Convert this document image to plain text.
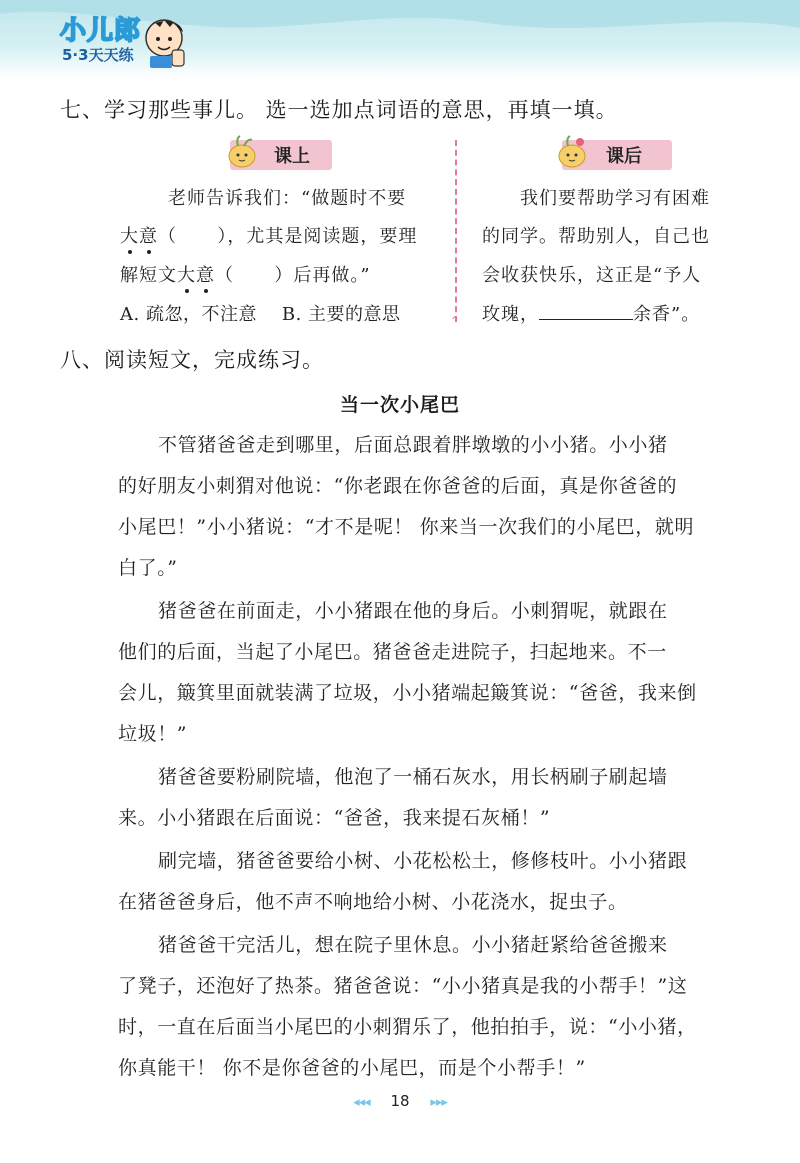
小儿郎
5·3天天练
七、学习那些事儿。 选一选加点词语的意思，再填一填。
课上	课后
⌃
老师告诉我们：“做题时不要
大意（      ），尤其是阅读题，要理
解短文大意（      ）后再做。”
A. 疏忽，不注意 B. 主要的意思
我们要帮助学习有困难
的同学。帮助别人，自己也
会收获快乐，这正是“予人
玫瑰，	余香”。
八、阅读短文，完成练习。
当一次小尾巴
不管猪爸爸走到哪里，后面总跟着胖墩墩的小小猪。小小猪
的好朋友小刺猬对他说：“你老跟在你爸爸的后面，真是你爸爸的
小尾巴！”小小猪说：“才不是呢！ 你来当一次我们的小尾巴，就明
白了。”
猪爸爸在前面走，小小猪跟在他的身后。小刺猬呢，就跟在
他们的后面，当起了小尾巴。猪爸爸走进院子，扫起地来。不一
会儿，簸箕里面就装满了垃圾，小小猪端起簸箕说：“爸爸，我来倒
垃圾！”
猪爸爸要粉刷院墙，他泡了一桶石灰水，用长柄刷子刷起墙
来。小小猪跟在后面说：“爸爸，我来提石灰桶！”
刷完墙，猪爸爸要给小树、小花松松土，修修枝叶。小小猪跟
在猪爸爸身后，他不声不响地给小树、小花浇水，捉虫子。
猪爸爸干完活儿，想在院子里休息。小小猪赶紧给爸爸搬来
了凳子，还泡好了热茶。猪爸爸说：“小小猪真是我的小帮手！”这
时，一直在后面当小尾巴的小刺猬乐了，他拍拍手，说：“小小猪，
你真能干！ 你不是你爸爸的小尾巴，而是个小帮手！”
◂◂◂ 18 ▸▸▸
